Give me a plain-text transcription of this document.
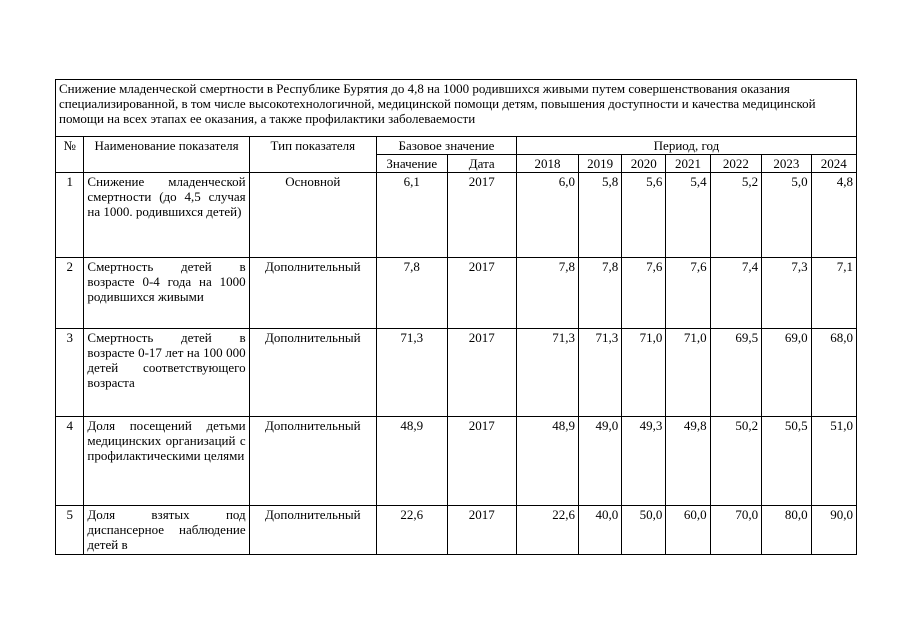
Снижение младенческой смертности в Республике Бурятия до 4,8 на 1000 родившихся живыми путем совершенствования оказания специализированной, в том числе высокотехнологичной, медицинской помощи детям, повышения доступности и качества медицинской помощи на всех этапах ее оказания, а также профилактики заболеваемости											
№	Наименование показателя	Тип показателя	Базовое значение		Период, год						
			Значение	Дата	2018	2019	2020	2021	2022	2023	2024
1	Снижение младенческой смертности (до 4,5 случая на 1000. родившихся детей)	Основной	6,1	2017	6,0	5,8	5,6	5,4	5,2	5,0	4,8
2	Смертность детей в возрасте 0-4 года на 1000 родившихся живыми	Дополнительный	7,8	2017	7,8	7,8	7,6	7,6	7,4	7,3	7,1
3	Смертность детей в возрасте 0-17 лет на 100 000 детей соответствующего возраста	Дополнительный	71,3	2017	71,3	71,3	71,0	71,0	69,5	69,0	68,0
4	Доля посещений детьми медицинских организаций с профилактическими целями	Дополнительный	48,9	2017	48,9	49,0	49,3	49,8	50,2	50,5	51,0
5	Доля взятых под диспансерное наблюдение детей в	Дополнительный	22,6	2017	22,6	40,0	50,0	60,0	70,0	80,0	90,0
